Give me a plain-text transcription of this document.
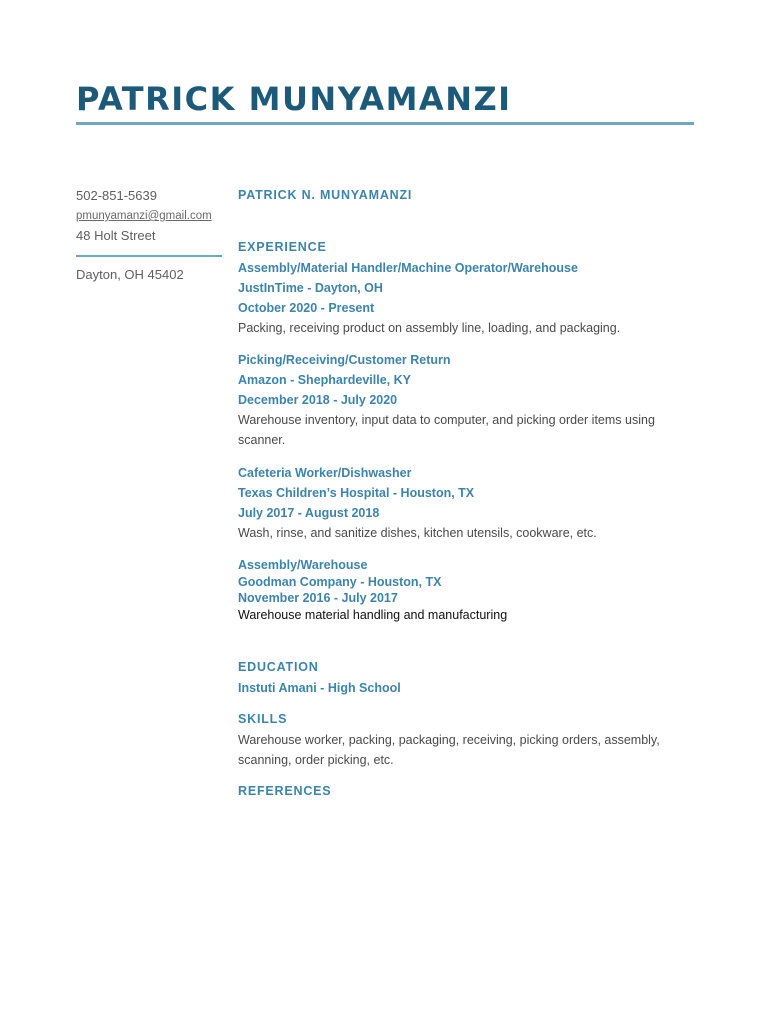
PATRICK MUNYAMANZI
502-851-5639
pmunyamanzi@gmail.com
48 Holt Street
Dayton, OH 45402
PATRICK N. MUNYAMANZI
EXPERIENCE
Assembly/Material Handler/Machine Operator/Warehouse
JustInTime - Dayton, OH
October 2020 - Present
Packing, receiving product on assembly line, loading, and packaging.
Picking/Receiving/Customer Return
Amazon - Shephardeville, KY
December 2018 - July 2020
Warehouse inventory, input data to computer, and picking order items using scanner.
Cafeteria Worker/Dishwasher
Texas Children’s Hospital - Houston, TX
July 2017 - August 2018
Wash, rinse, and sanitize dishes, kitchen utensils, cookware, etc.
Assembly/Warehouse
Goodman Company - Houston, TX
November 2016 - July 2017
Warehouse material handling and manufacturing
EDUCATION
Instuti Amani - High School
SKILLS
Warehouse worker, packing, packaging, receiving, picking orders, assembly, scanning, order picking, etc.
REFERENCES
